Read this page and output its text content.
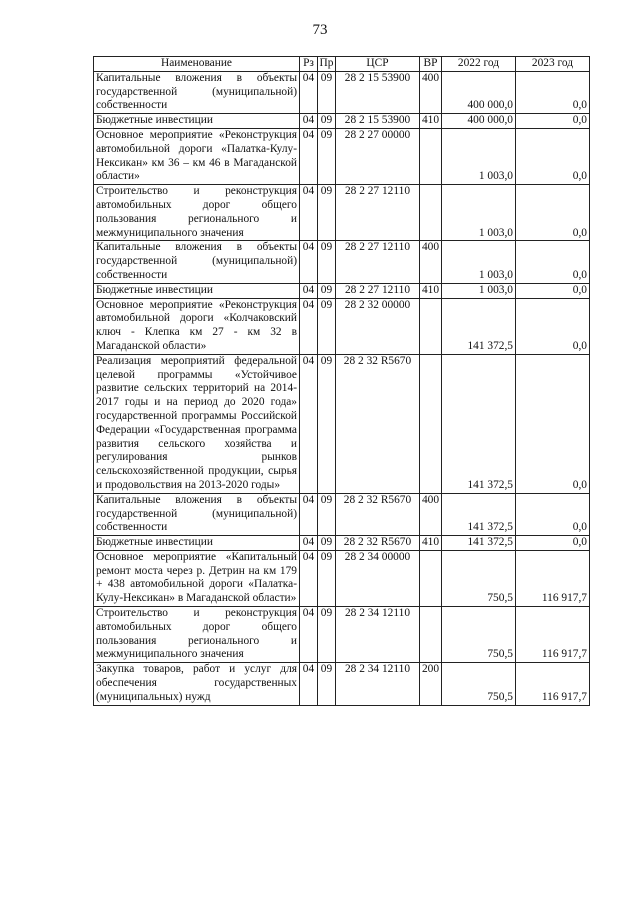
73
Наименование	Рз	Пр	ЦСР	ВР	2022 год	2023 год
Капитальные вложения в объекты государственной (муниципальной) собственности	04	09	28 2 15 53900	400	400 000,0	0,0
Бюджетные инвестиции	04	09	28 2 15 53900	410	400 000,0	0,0
Основное мероприятие «Реконструкция автомобильной дороги «Палатка-Кулу-Нексикан» км 36 – км 46 в Магаданской области»	04	09	28 2 27 00000		1 003,0	0,0
Строительство и реконструкция автомобильных дорог общего пользования регионального и межмуниципального значения	04	09	28 2 27 12110		1 003,0	0,0
Капитальные вложения в объекты государственной (муниципальной) собственности	04	09	28 2 27 12110	400	1 003,0	0,0
Бюджетные инвестиции	04	09	28 2 27 12110	410	1 003,0	0,0
Основное мероприятие «Реконструкция автомобильной дороги «Колчаковский ключ - Клепка км 27 - км 32 в Магаданской области»	04	09	28 2 32 00000		141 372,5	0,0
Реализация мероприятий федеральной целевой программы «Устойчивое развитие сельских территорий на 2014-2017 годы и на период до 2020 года» государственной программы Российской Федерации «Государственная программа развития сельского хозяйства и регулирования рынков сельскохозяйственной продукции, сырья и продовольствия на 2013-2020 годы»	04	09	28 2 32 R5670		141 372,5	0,0
Капитальные вложения в объекты государственной (муниципальной) собственности	04	09	28 2 32 R5670	400	141 372,5	0,0
Бюджетные инвестиции	04	09	28 2 32 R5670	410	141 372,5	0,0
Основное мероприятие «Капитальный ремонт моста через р. Детрин на км 179 + 438 автомобильной дороги «Палатка-Кулу-Нексикан» в Магаданской области»	04	09	28 2 34 00000		750,5	116 917,7
Строительство и реконструкция автомобильных дорог общего пользования регионального и межмуниципального значения	04	09	28 2 34 12110		750,5	116 917,7
Закупка товаров, работ и услуг для обеспечения государственных (муниципальных) нужд	04	09	28 2 34 12110	200	750,5	116 917,7
